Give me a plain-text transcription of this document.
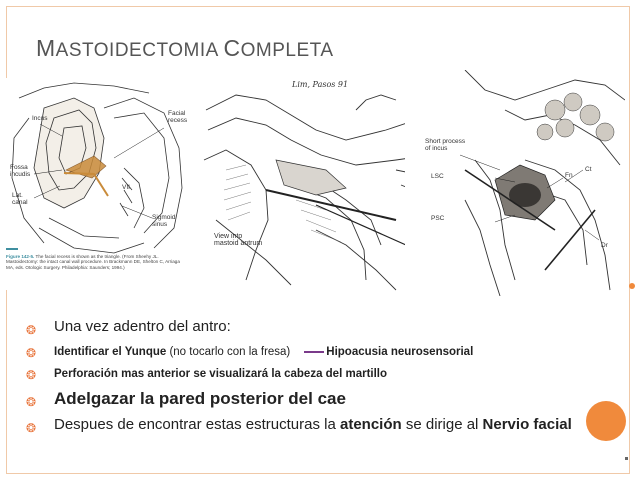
MASTOIDECTOMIA COMPLETA
Incus
Facial
recess
Fossa
incudis
Lat.
canal
Sigmoid
sinus
VII
Figure 142-5. The facial recess is shown as the triangle. (From Sheehy JL. Mastoidectomy: the intact canal wall procedure. In Brackmann DE, Shelton C, Arriaga MA, eds. Otologic Surgery. Philadelphia: Saunders; 1994.)
Lim, Pasos 91
View into
mastoid antrum
Short process
of incus
LSC
PSC
Fn
Ct
Dr
❂ Una vez adentro del antro:
❂ Identificar el Yunque (no tocarlo con la fresa)	Hipoacusia neurosensorial
❂ Perforación mas anterior se visualizará la cabeza del martillo
❂ Adelgazar la pared posterior del cae
❂ Despues de encontrar estas estructuras la atención se dirige al Nervio facial
